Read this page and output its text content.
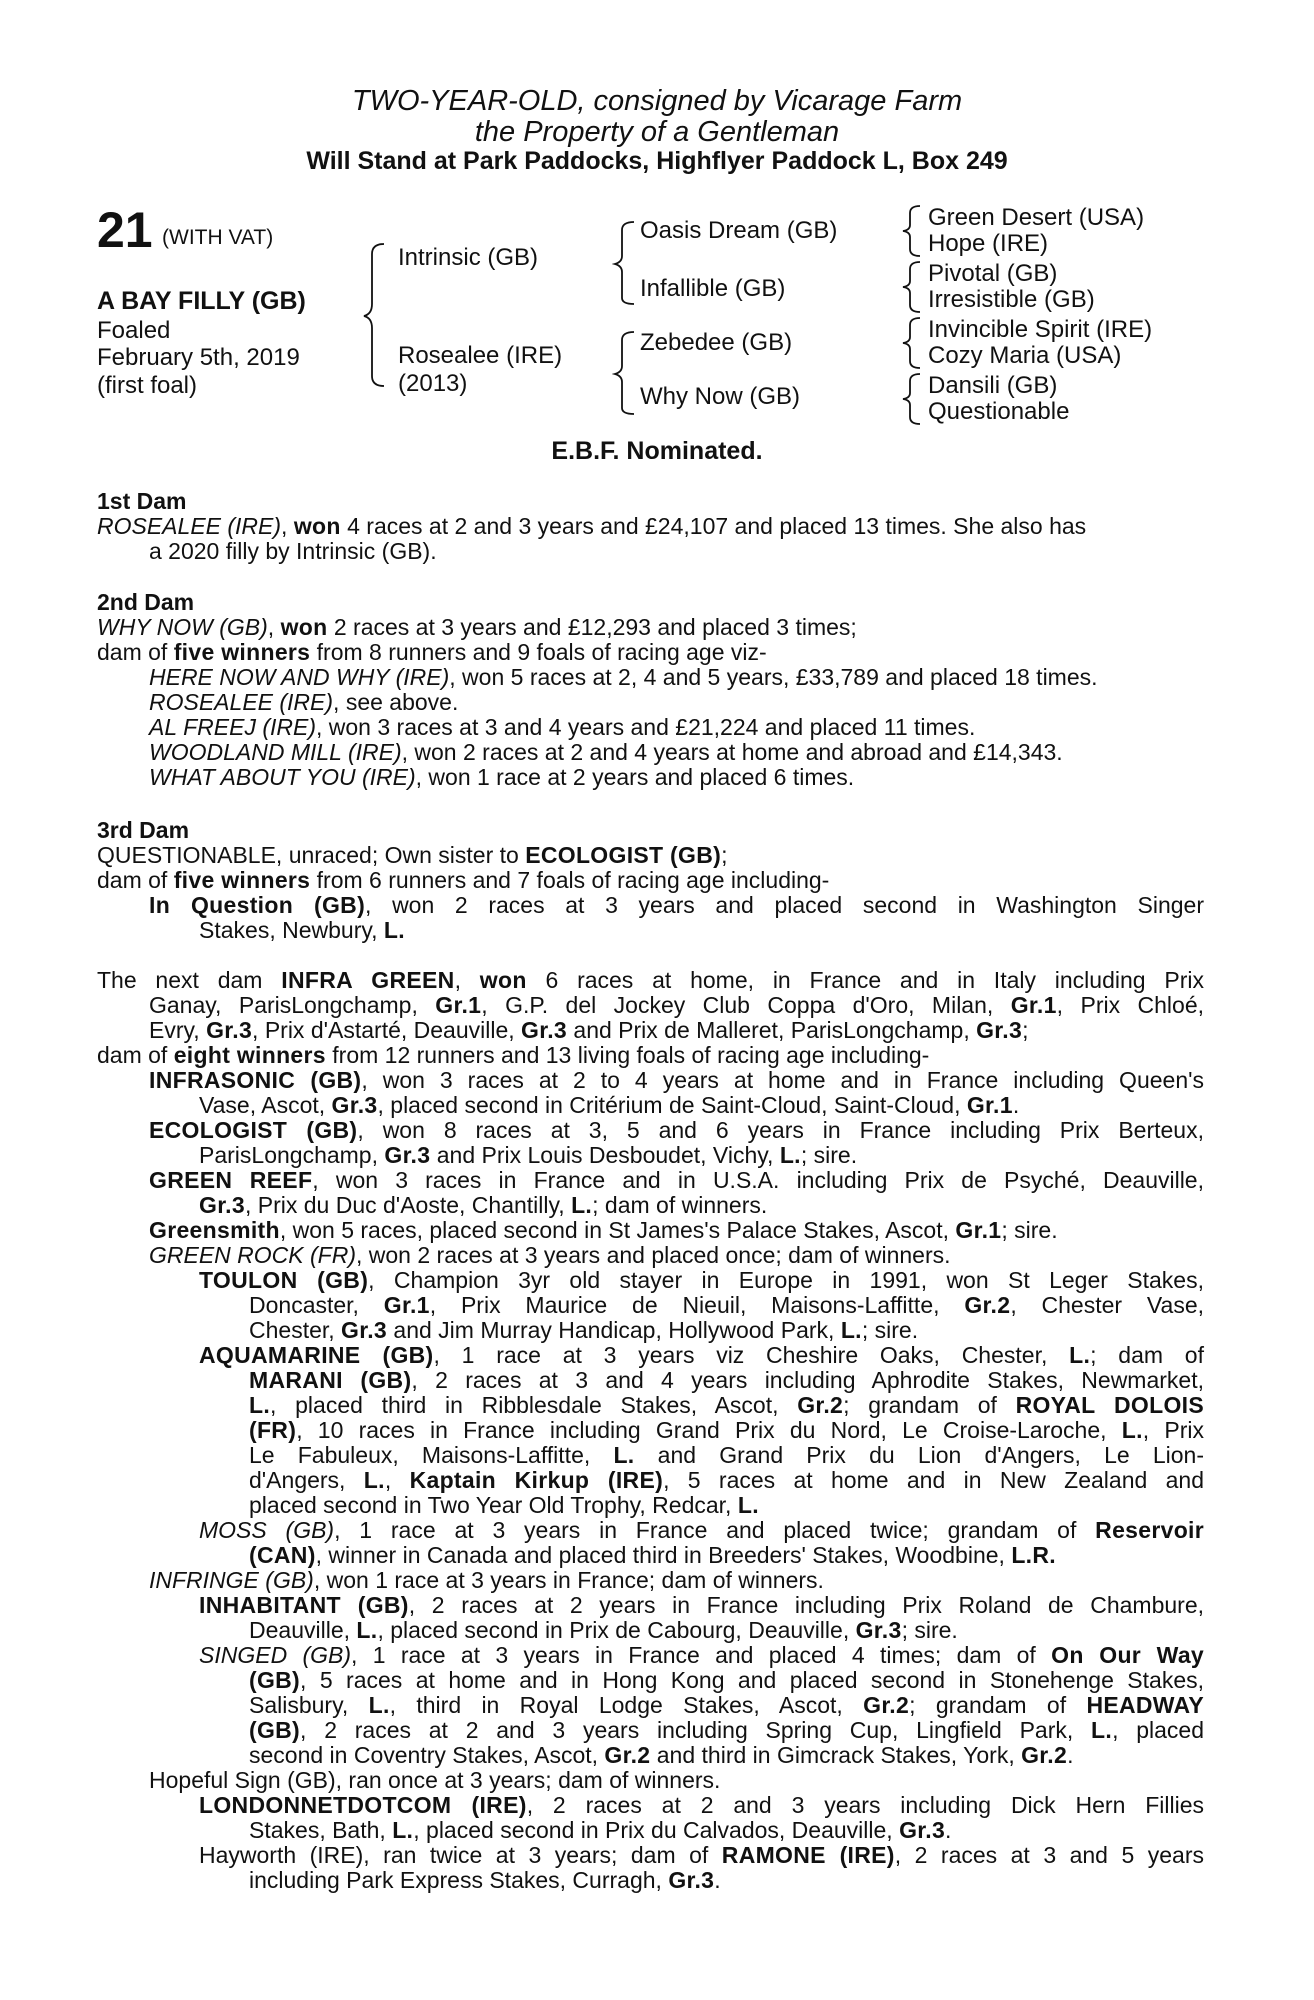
TWO-YEAR-OLD, consigned by Vicarage Farm
the Property of a Gentleman
Will Stand at Park Paddocks, Highflyer Paddock L, Box 249
21 (WITH VAT)
A BAY FILLY (GB)
Foaled
February 5th, 2019
(first foal)
Intrinsic (GB)
Rosealee (IRE)
(2013)
Oasis Dream (GB)
Infallible (GB)
Zebedee (GB)
Why Now (GB)
Green Desert (USA)
Hope (IRE)
Pivotal (GB)
Irresistible (GB)
Invincible Spirit (IRE)
Cozy Maria (USA)
Dansili (GB)
Questionable
E.B.F. Nominated.
1st Dam
ROSEALEE (IRE), won 4 races at 2 and 3 years and £24,107 and placed 13 times. She also has
a 2020 filly by Intrinsic (GB).
2nd Dam
WHY NOW (GB), won 2 races at 3 years and £12,293 and placed 3 times;
dam of five winners from 8 runners and 9 foals of racing age viz-
HERE NOW AND WHY (IRE), won 5 races at 2, 4 and 5 years, £33,789 and placed 18 times.
ROSEALEE (IRE), see above.
AL FREEJ (IRE), won 3 races at 3 and 4 years and £21,224 and placed 11 times.
WOODLAND MILL (IRE), won 2 races at 2 and 4 years at home and abroad and £14,343.
WHAT ABOUT YOU (IRE), won 1 race at 2 years and placed 6 times.
3rd Dam
QUESTIONABLE, unraced; Own sister to ECOLOGIST (GB);
dam of five winners from 6 runners and 7 foals of racing age including-
In Question (GB), won 2 races at 3 years and placed second in Washington Singer
Stakes, Newbury, L.
The next dam INFRA GREEN, won 6 races at home, in France and in Italy including Prix
Ganay, ParisLongchamp, Gr.1, G.P. del Jockey Club Coppa d'Oro, Milan, Gr.1, Prix Chloé,
Evry, Gr.3, Prix d'Astarté, Deauville, Gr.3 and Prix de Malleret, ParisLongchamp, Gr.3;
dam of eight winners from 12 runners and 13 living foals of racing age including-
INFRASONIC (GB), won 3 races at 2 to 4 years at home and in France including Queen's
Vase, Ascot, Gr.3, placed second in Critérium de Saint-Cloud, Saint-Cloud, Gr.1.
ECOLOGIST (GB), won 8 races at 3, 5 and 6 years in France including Prix Berteux,
ParisLongchamp, Gr.3 and Prix Louis Desboudet, Vichy, L.; sire.
GREEN REEF, won 3 races in France and in U.S.A. including Prix de Psyché, Deauville,
Gr.3, Prix du Duc d'Aoste, Chantilly, L.; dam of winners.
Greensmith, won 5 races, placed second in St James's Palace Stakes, Ascot, Gr.1; sire.
GREEN ROCK (FR), won 2 races at 3 years and placed once; dam of winners.
TOULON (GB), Champion 3yr old stayer in Europe in 1991, won St Leger Stakes,
Doncaster, Gr.1, Prix Maurice de Nieuil, Maisons-Laffitte, Gr.2, Chester Vase,
Chester, Gr.3 and Jim Murray Handicap, Hollywood Park, L.; sire.
AQUAMARINE (GB), 1 race at 3 years viz Cheshire Oaks, Chester, L.; dam of
MARANI (GB), 2 races at 3 and 4 years including Aphrodite Stakes, Newmarket,
L., placed third in Ribblesdale Stakes, Ascot, Gr.2; grandam of ROYAL DOLOIS
(FR), 10 races in France including Grand Prix du Nord, Le Croise-Laroche, L., Prix
Le Fabuleux, Maisons-Laffitte, L. and Grand Prix du Lion d'Angers, Le Lion-
d'Angers, L., Kaptain Kirkup (IRE), 5 races at home and in New Zealand and
placed second in Two Year Old Trophy, Redcar, L.
MOSS (GB), 1 race at 3 years in France and placed twice; grandam of Reservoir
(CAN), winner in Canada and placed third in Breeders' Stakes, Woodbine, L.R.
INFRINGE (GB), won 1 race at 3 years in France; dam of winners.
INHABITANT (GB), 2 races at 2 years in France including Prix Roland de Chambure,
Deauville, L., placed second in Prix de Cabourg, Deauville, Gr.3; sire.
SINGED (GB), 1 race at 3 years in France and placed 4 times; dam of On Our Way
(GB), 5 races at home and in Hong Kong and placed second in Stonehenge Stakes,
Salisbury, L., third in Royal Lodge Stakes, Ascot, Gr.2; grandam of HEADWAY
(GB), 2 races at 2 and 3 years including Spring Cup, Lingfield Park, L., placed
second in Coventry Stakes, Ascot, Gr.2 and third in Gimcrack Stakes, York, Gr.2.
Hopeful Sign (GB), ran once at 3 years; dam of winners.
LONDONNETDOTCOM (IRE), 2 races at 2 and 3 years including Dick Hern Fillies
Stakes, Bath, L., placed second in Prix du Calvados, Deauville, Gr.3.
Hayworth (IRE), ran twice at 3 years; dam of RAMONE (IRE), 2 races at 3 and 5 years
including Park Express Stakes, Curragh, Gr.3.
